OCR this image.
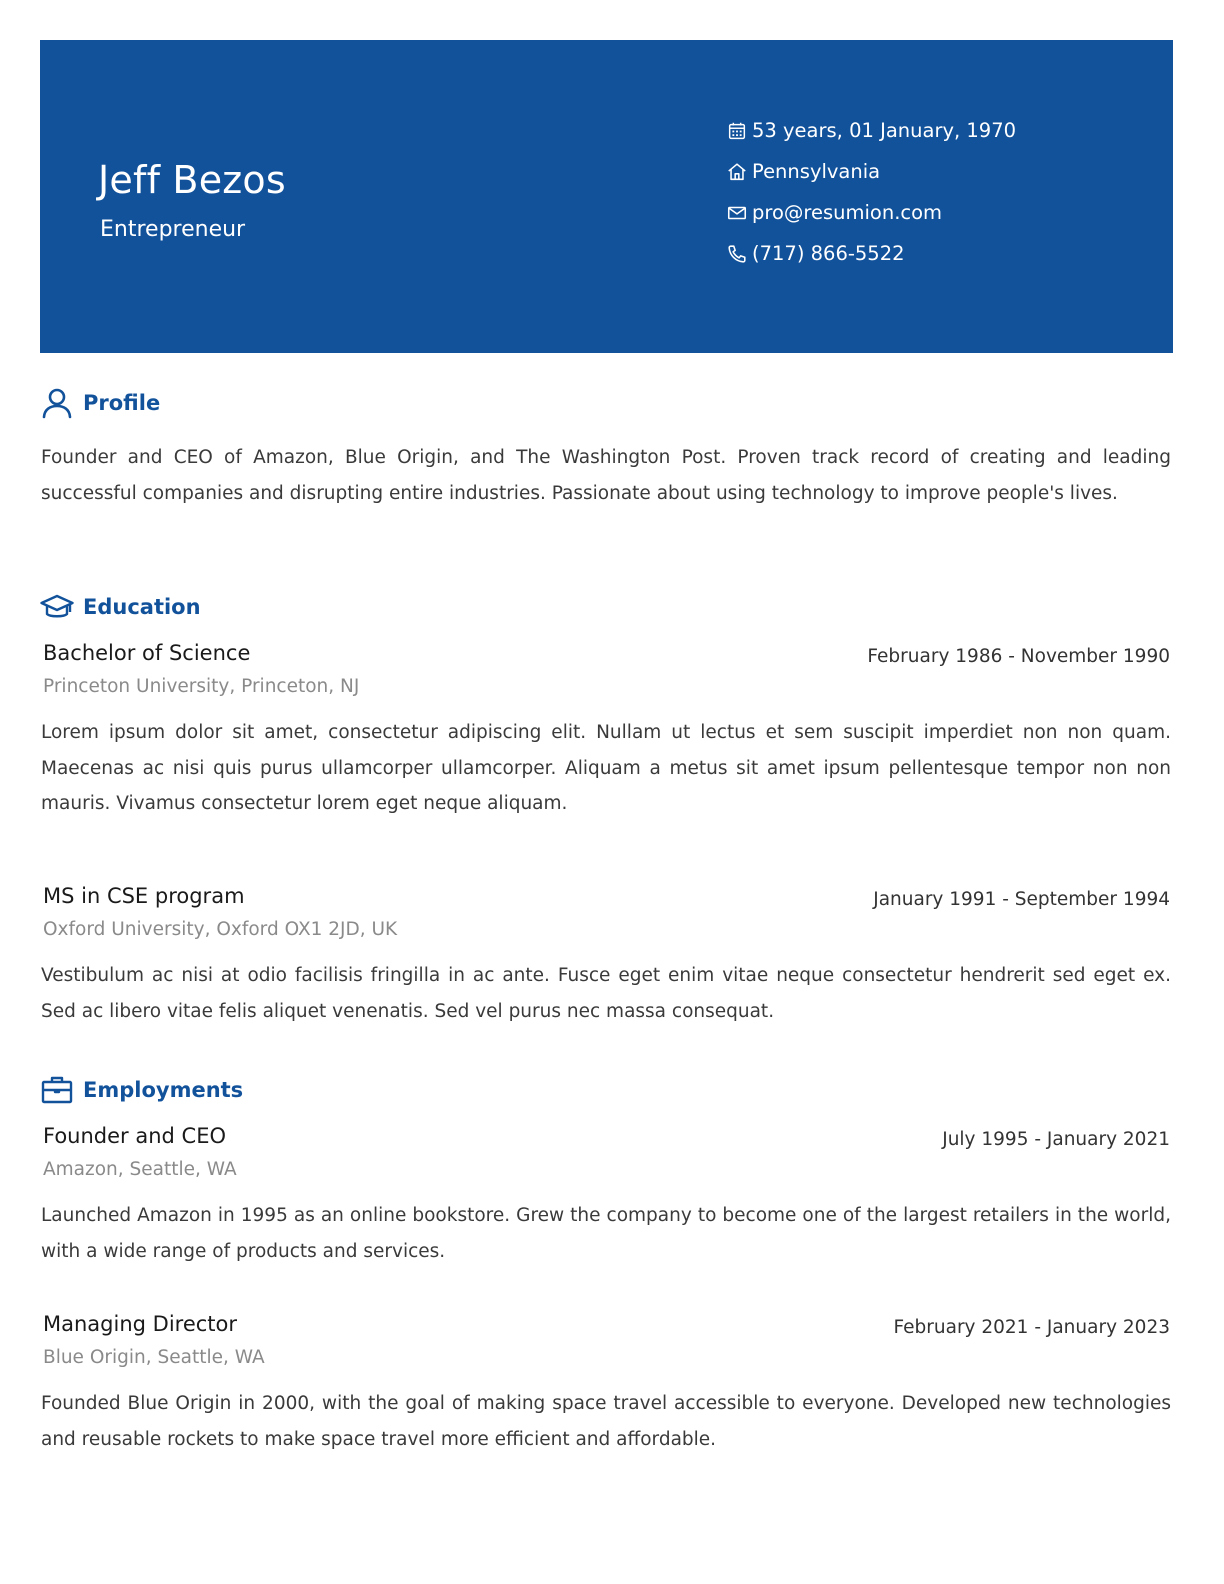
Jeff Bezos
Entrepreneur
53 years, 01 January, 1970
Pennsylvania
pro@resumion.com
(717) 866-5522
Profile
Founder and CEO of Amazon, Blue Origin, and The Washington Post. Proven track record of creating and leading successful companies and disrupting entire industries. Passionate about using technology to improve people's lives.
Education
Bachelor of Science	February 1986 - November 1990
Princeton University, Princeton, NJ
Lorem ipsum dolor sit amet, consectetur adipiscing elit. Nullam ut lectus et sem suscipit imperdiet non non quam. Maecenas ac nisi quis purus ullamcorper ullamcorper. Aliquam a metus sit amet ipsum pellentesque tempor non non mauris. Vivamus consectetur lorem eget neque aliquam.
MS in CSE program	January 1991 - September 1994
Oxford University, Oxford OX1 2JD, UK
Vestibulum ac nisi at odio facilisis fringilla in ac ante. Fusce eget enim vitae neque consectetur hendrerit sed eget ex. Sed ac libero vitae felis aliquet venenatis. Sed vel purus nec massa consequat.
Employments
Founder and CEO	July 1995 - January 2021
Amazon, Seattle, WA
Launched Amazon in 1995 as an online bookstore. Grew the company to become one of the largest retailers in the world, with a wide range of products and services.
Managing Director	February 2021 - January 2023
Blue Origin, Seattle, WA
Founded Blue Origin in 2000, with the goal of making space travel accessible to everyone. Developed new technologies and reusable rockets to make space travel more efficient and affordable.
